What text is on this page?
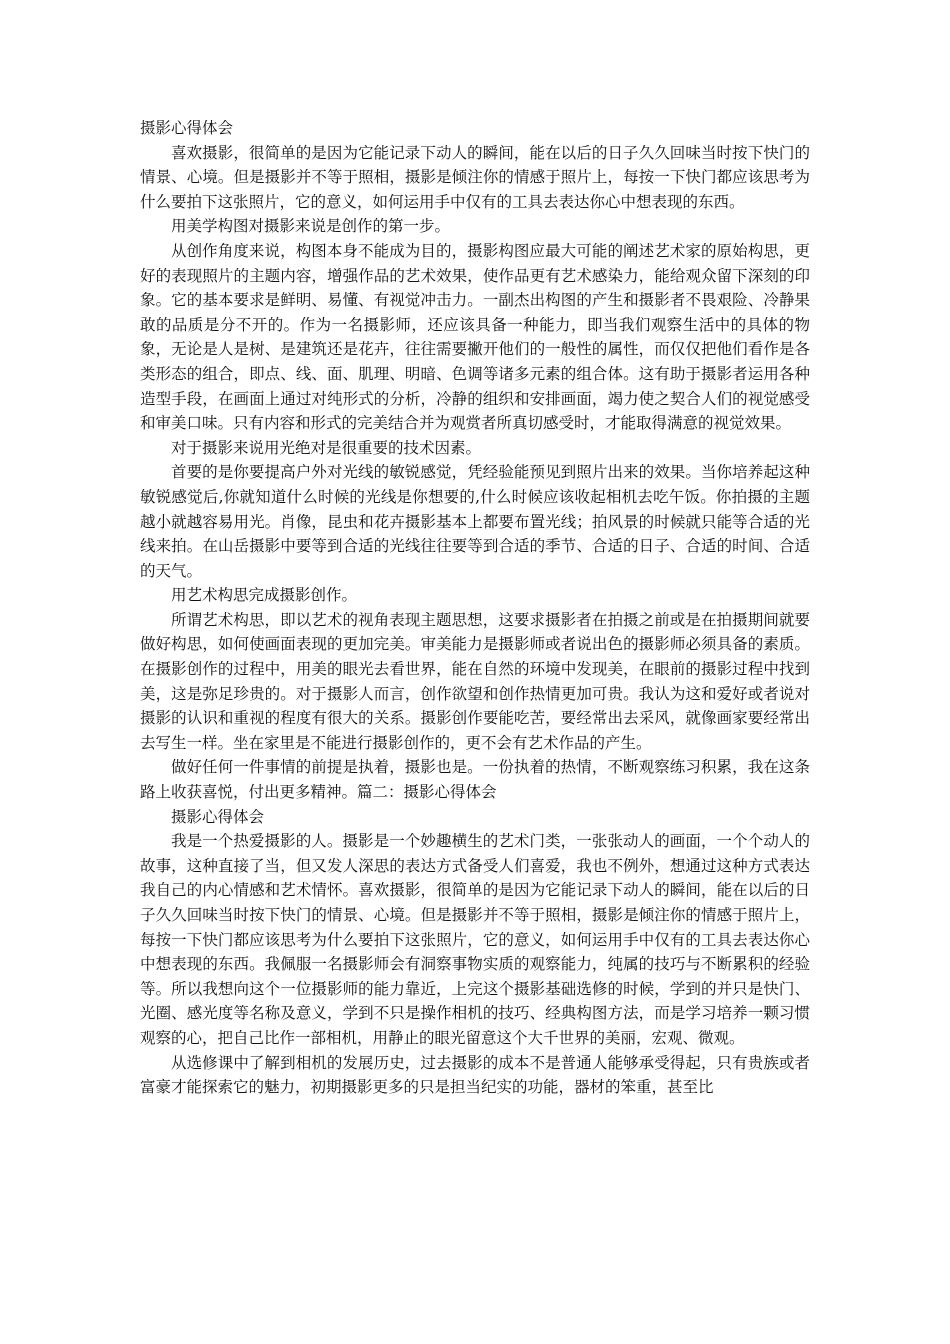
摄影心得体会

喜欢摄影，很简单的是因为它能记录下动人的瞬间，能在以后的日子久久回味当时按下快门的情景、心境。但是摄影并不等于照相，摄影是倾注你的情感于照片上，每按一下快门都应该思考为什么要拍下这张照片，它的意义，如何运用手中仅有的工具去表达你心中想表现的东西。

用美学构图对摄影来说是创作的第一步。

从创作角度来说，构图本身不能成为目的，摄影构图应最大可能的阐述艺术家的原始构思，更好的表现照片的主题内容，增强作品的艺术效果，使作品更有艺术感染力，能给观众留下深刻的印象。它的基本要求是鲜明、易懂、有视觉冲击力。一副杰出构图的产生和摄影者不畏艰险、冷静果敢的品质是分不开的。作为一名摄影师，还应该具备一种能力，即当我们观察生活中的具体的物象，无论是人是树、是建筑还是花卉，往往需要撇开他们的一般性的属性，而仅仅把他们看作是各类形态的组合，即点、线、面、肌理、明暗、色调等诸多元素的组合体。这有助于摄影者运用各种造型手段，在画面上通过对纯形式的分析，冷静的组织和安排画面，竭力使之契合人们的视觉感受和审美口味。只有内容和形式的完美结合并为观赏者所真切感受时，才能取得满意的视觉效果。

对于摄影来说用光绝对是很重要的技术因素。

首要的是你要提高户外对光线的敏锐感觉，凭经验能预见到照片出来的效果。当你培养起这种敏锐感觉后,你就知道什么时候的光线是你想要的,什么时候应该收起相机去吃午饭。你拍摄的主题越小就越容易用光。肖像，昆虫和花卉摄影基本上都要布置光线；拍风景的时候就只能等合适的光线来拍。在山岳摄影中要等到合适的光线往往要等到合适的季节、合适的日子、合适的时间、合适的天气。

用艺术构思完成摄影创作。

所谓艺术构思，即以艺术的视角表现主题思想，这要求摄影者在拍摄之前或是在拍摄期间就要做好构思，如何使画面表现的更加完美。审美能力是摄影师或者说出色的摄影师必须具备的素质。在摄影创作的过程中，用美的眼光去看世界，能在自然的环境中发现美，在眼前的摄影过程中找到美，这是弥足珍贵的。对于摄影人而言，创作欲望和创作热情更加可贵。我认为这和爱好或者说对摄影的认识和重视的程度有很大的关系。摄影创作要能吃苦，要经常出去采风，就像画家要经常出去写生一样。坐在家里是不能进行摄影创作的，更不会有艺术作品的产生。

做好任何一件事情的前提是执着，摄影也是。一份执着的热情，不断观察练习积累，我在这条路上收获喜悦，付出更多精神。篇二：摄影心得体会

摄影心得体会

我是一个热爱摄影的人。摄影是一个妙趣横生的艺术门类，一张张动人的画面，一个个动人的故事，这种直接了当，但又发人深思的表达方式备受人们喜爱，我也不例外，想通过这种方式表达我自己的内心情感和艺术情怀。喜欢摄影，很简单的是因为它能记录下动人的瞬间，能在以后的日子久久回味当时按下快门的情景、心境。但是摄影并不等于照相，摄影是倾注你的情感于照片上，每按一下快门都应该思考为什么要拍下这张照片，它的意义，如何运用手中仅有的工具去表达你心中想表现的东西。我佩服一名摄影师会有洞察事物实质的观察能力，纯属的技巧与不断累积的经验等。所以我想向这个一位摄影师的能力靠近，上完这个摄影基础选修的时候，学到的并只是快门、光圈、感光度等名称及意义，学到不只是操作相机的技巧、经典构图方法，而是学习培养一颗习惯观察的心，把自己比作一部相机，用静止的眼光留意这个大千世界的美丽，宏观、微观。

从选修课中了解到相机的发展历史，过去摄影的成本不是普通人能够承受得起，只有贵族或者富豪才能探索它的魅力，初期摄影更多的只是担当纪实的功能，器材的笨重，甚至比
